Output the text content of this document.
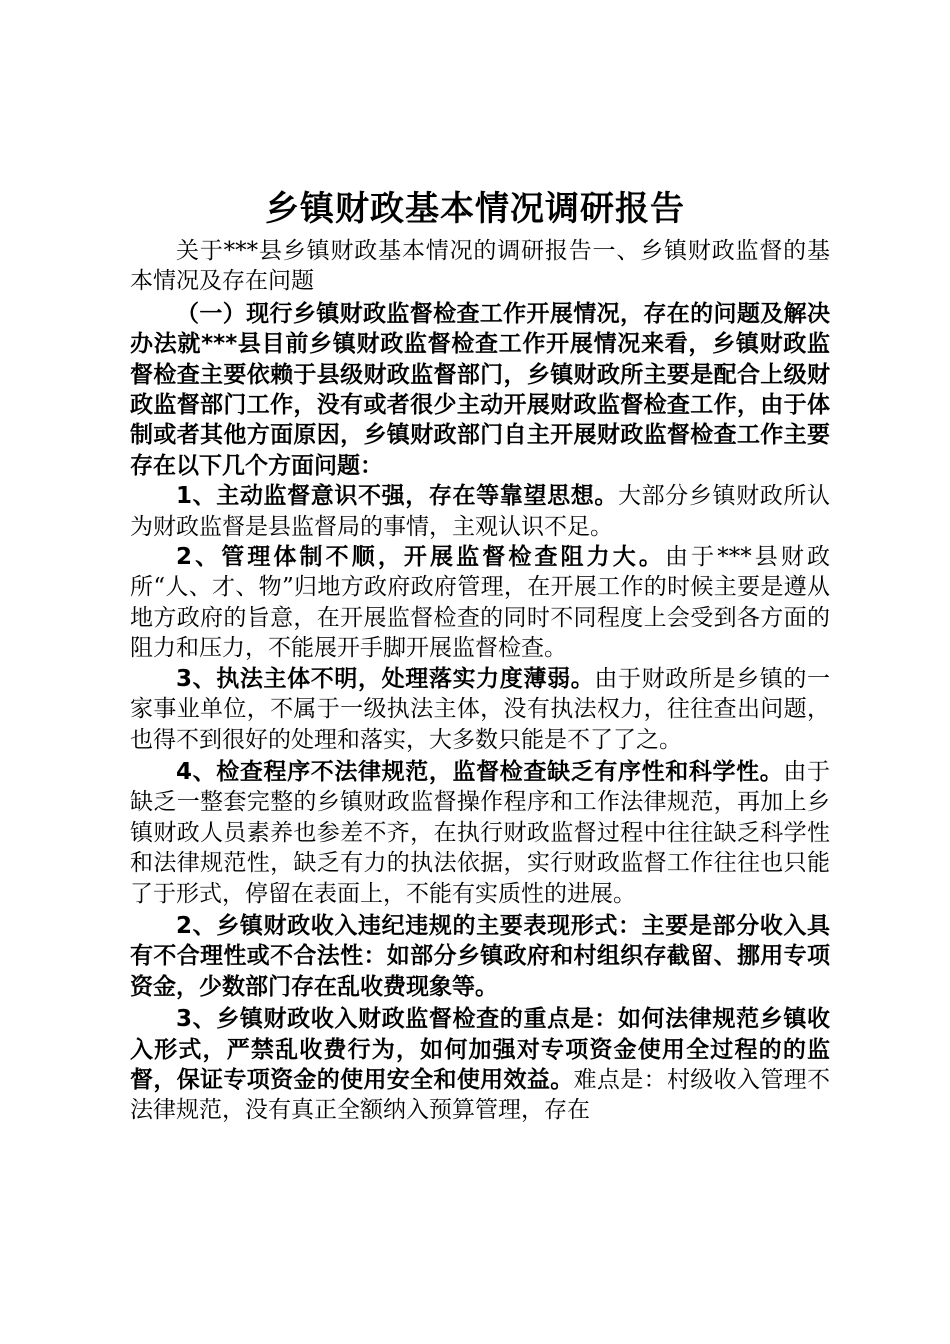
乡镇财政基本情况调研报告

关于***县乡镇财政基本情况的调研报告一、乡镇财政监督的基本情况及存在问题

（一）现行乡镇财政监督检查工作开展情况，存在的问题及解决办法就***县目前乡镇财政监督检查工作开展情况来看，乡镇财政监督检查主要依赖于县级财政监督部门，乡镇财政所主要是配合上级财政监督部门工作，没有或者很少主动开展财政监督检查工作，由于体制或者其他方面原因，乡镇财政部门自主开展财政监督检查工作主要存在以下几个方面问题：

1、主动监督意识不强，存在等靠望思想。大部分乡镇财政所认为财政监督是县监督局的事情，主观认识不足。

2、管理体制不顺，开展监督检查阻力大。由于***县财政所“人、才、物”归地方政府政府管理，在开展工作的时候主要是遵从地方政府的旨意，在开展监督检查的同时不同程度上会受到各方面的阻力和压力，不能展开手脚开展监督检查。

3、执法主体不明，处理落实力度薄弱。由于财政所是乡镇的一家事业单位，不属于一级执法主体，没有执法权力，往往查出问题，也得不到很好的处理和落实，大多数只能是不了了之。

4、检查程序不法律规范，监督检查缺乏有序性和科学性。由于缺乏一整套完整的乡镇财政监督操作程序和工作法律规范，再加上乡镇财政人员素养也参差不齐，在执行财政监督过程中往往缺乏科学性和法律规范性，缺乏有力的执法依据，实行财政监督工作往往也只能了于形式，停留在表面上，不能有实质性的进展。

2、乡镇财政收入违纪违规的主要表现形式：主要是部分收入具有不合理性或不合法性：如部分乡镇政府和村组织存截留、挪用专项资金，少数部门存在乱收费现象等。

3、乡镇财政收入财政监督检查的重点是：如何法律规范乡镇收入形式，严禁乱收费行为，如何加强对专项资金使用全过程的的监督，保证专项资金的使用安全和使用效益。难点是：村级收入管理不法律规范，没有真正全额纳入预算管理，存在
